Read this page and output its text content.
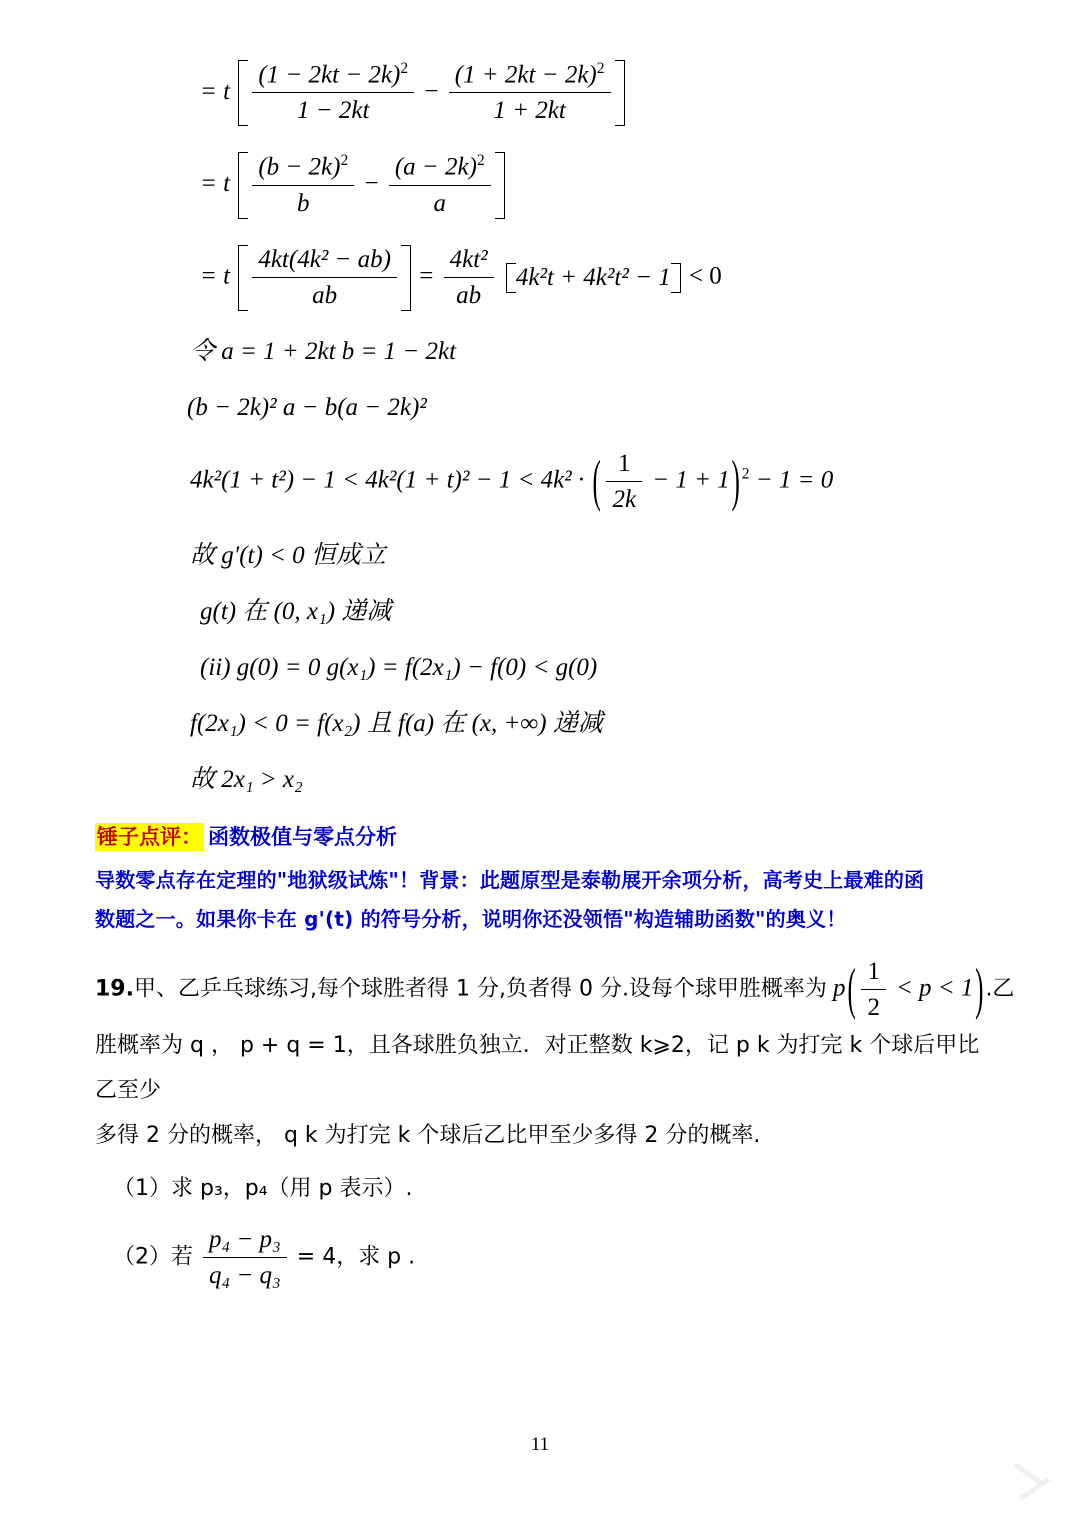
= t $\frac{(1 - 2kt - 2k)^2}{1 - 2kt} - \frac{(1 + 2kt - 2k)^2}{1 + 2kt}$
= t $\frac{(b - 2k)^2}{b} - \frac{(a - 2k)^2}{a}$
= t $\frac{\text{4kt(4k² − ab)}}{ab} = \frac{\text{4kt²}}{ab} 4k^2t + 4k^2t^2 - 1 < 0$
令 a = 1 + 2kt b = 1 − 2kt
(b − 2k)² a − b(a − 2k)²
4k²(1 + t²) − 1 < 4k²(1 + t)² − 1 < 4k² · ( $\frac{1}{2k} - 1 + 1$ ) $^2$ − 1 = 0
故 g′(t) < 0 恒成立
g(t) 在 (0, x₁) 递减
(ii) g(0) = 0 g(x₁) = f(2x₁) − f(0) < g(0)
f(2x₁) < 0 = f(x₂) 且 f(a) 在 (x, +∞) 递减
故 2x₁ > x₂
锤子点评： 函数极值与零点分析
导数零点存在定理的"地狱级试炼"！背景：此题原型是泰勒展开余项分析，高考史上最难的函
数题之一。如果你卡在 g'(t) 的符号分析，说明你还没领悟"构造辅助函数"的奥义！
19.甲、乙乒乓球练习,每个球胜者得 1 分,负者得 0 分.设每个球甲胜概率为 p ( $\frac{1}{2} < p < 1$ ) .乙
胜概率为 q ， p + q = 1，且各球胜负独立．对正整数 k⩾2，记 p k 为打完 k 个球后甲比乙至少
多得 2 分的概率， q k 为打完 k 个球后乙比甲至少多得 2 分的概率.
（1）求 p₃，p₄（用 p 表示）.
（2）若 $\frac{\text{p₄ − p₃}}{\text{q₄ − q₃}} = 4$，求 p .
11
